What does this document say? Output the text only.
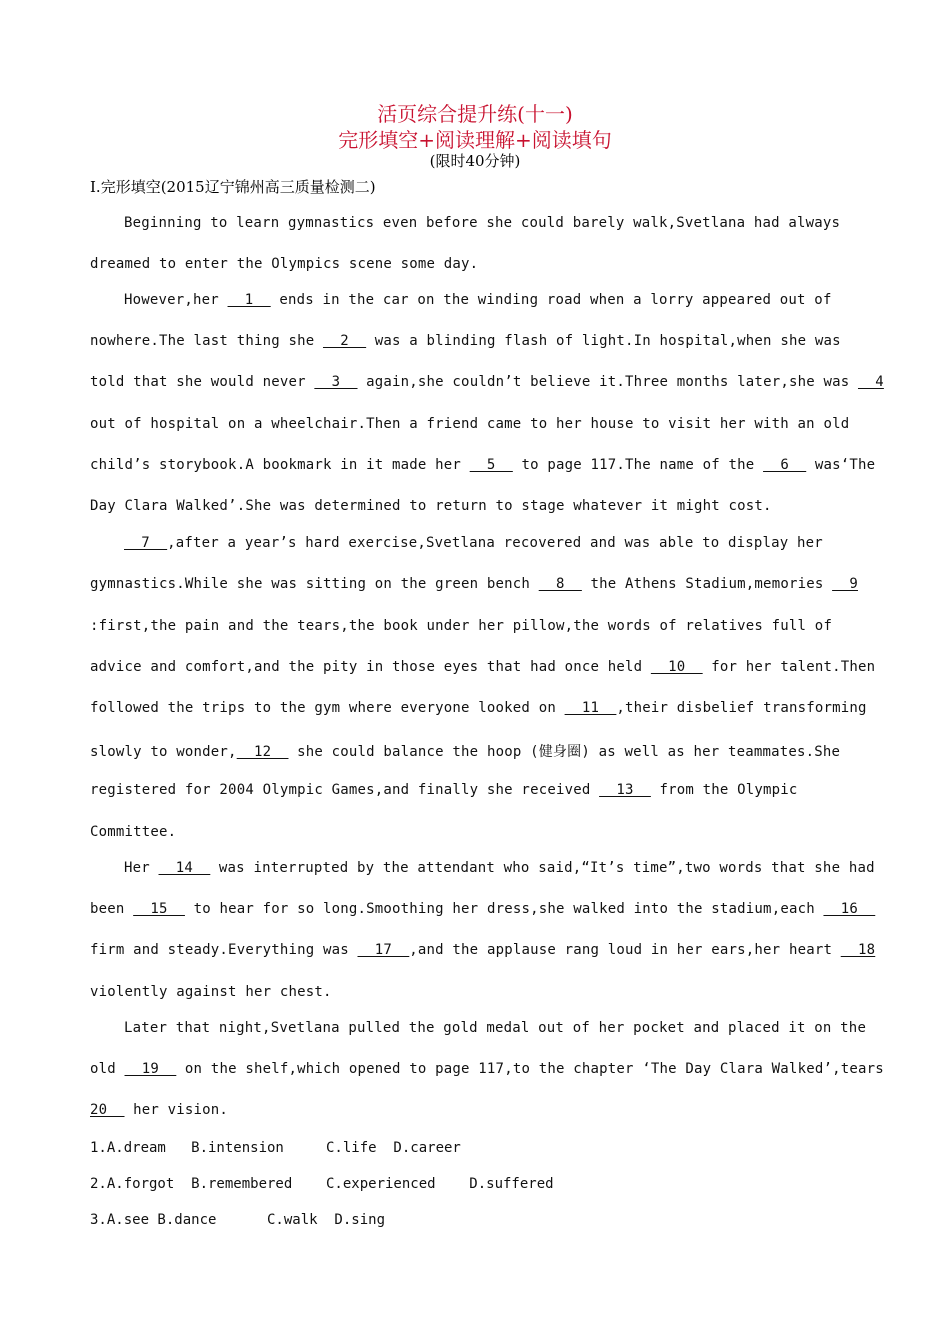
活页综合提升练(十一)
完形填空+阅读理解+阅读填句
(限时40分钟)
I.完形填空(2015辽宁锦州高三质量检测二)
Beginning to learn gymnastics even before she could barely walk,Svetlana had always
dreamed to enter the Olympics scene some day.
However,her   1   ends in the car on the winding road when a lorry appeared out of
nowhere.The last thing she   2   was a blinding flash of light.In hospital,when she was
told that she would never   3   again,she couldn’t believe it.Three months later,she was   4
out of hospital on a wheelchair.Then a friend came to her house to visit her with an old
child’s storybook.A bookmark in it made her   5   to page 117.The name of the   6   was‘The
Day Clara Walked’.She was determined to return to stage whatever it might cost.
7  ,after a year’s hard exercise,Svetlana recovered and was able to display her
gymnastics.While she was sitting on the green bench   8   the Athens Stadium,memories   9
:first,the pain and the tears,the book under her pillow,the words of relatives full of
advice and comfort,and the pity in those eyes that had once held   10   for her talent.Then
followed the trips to the gym where everyone looked on   11  ,their disbelief transforming
slowly to wonder,  12   she could balance the hoop (健身圈) as well as her teammates.She
registered for 2004 Olympic Games,and finally she received   13   from the Olympic
Committee.
Her   14   was interrupted by the attendant who said,“It’s time”,two words that she had
been   15   to hear for so long.Smoothing her dress,she walked into the stadium,each   16
firm and steady.Everything was   17  ,and the applause rang loud in her ears,her heart   18
violently against her chest.
Later that night,Svetlana pulled the gold medal out of her pocket and placed it on the
old   19   on the shelf,which opened to page 117,to the chapter ‘The Day Clara Walked’,tears
20   her vision.
1.A.dream   B.intension     C.life  D.career
2.A.forgot  B.remembered    C.experienced    D.suffered
3.A.see B.dance      C.walk  D.sing
